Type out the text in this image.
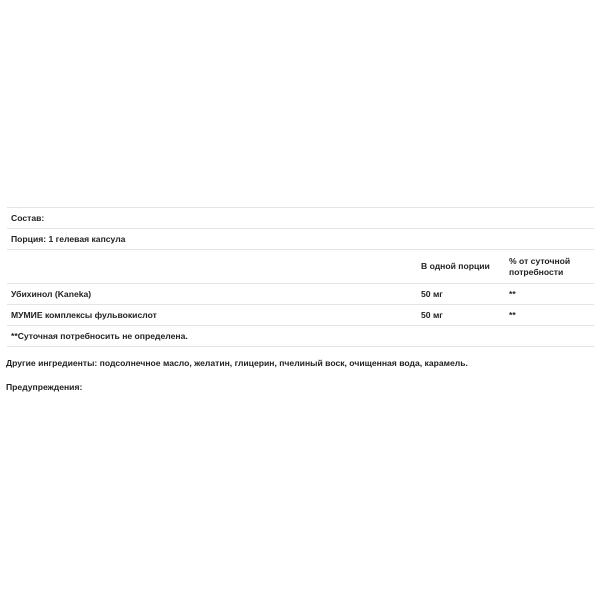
Состав:		
Порция: 1 гелевая капсула		
	В одной порции	% от суточной
потребности
Убихинол (Kaneka)	50 мг	**
МУМИЕ комплексы фульвокислот	50 мг	**
**Суточная потребносить не определена.		
Другие ингредиенты: подсолнечное масло, желатин, глицерин, пчелиный воск, очищенная вода, карамель.
Предупреждения:
